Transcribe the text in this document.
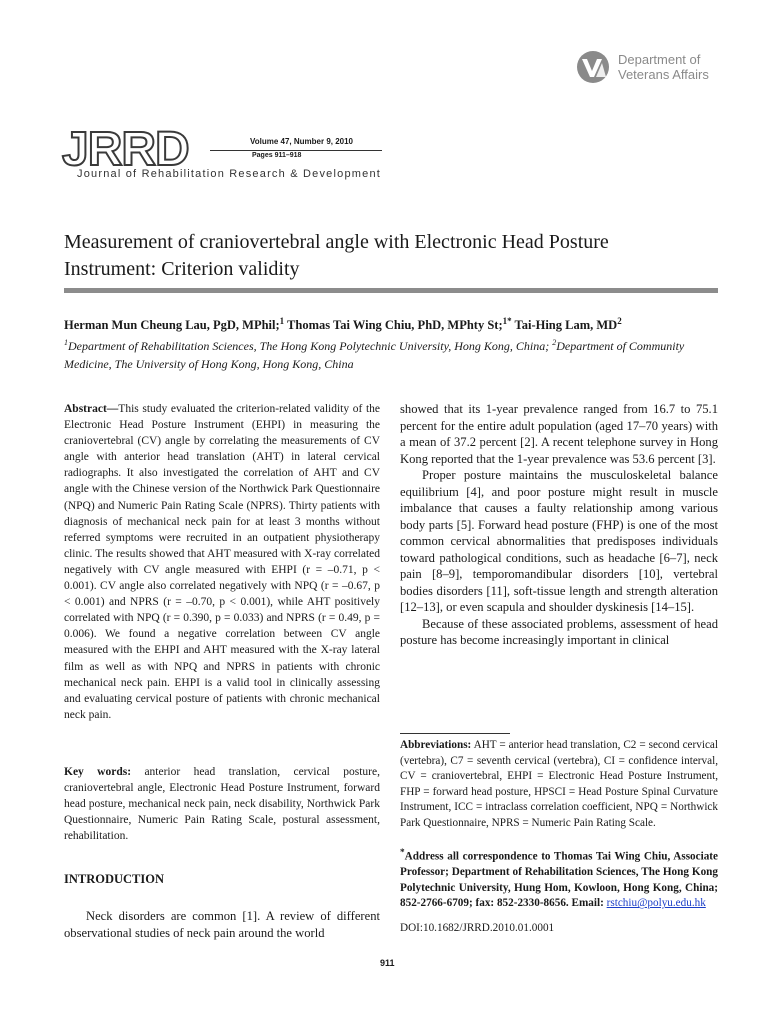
Department of
Veterans Affairs
JRRD	Volume 47, Number 9, 2010
Pages 911–918
Journal of Rehabilitation Research & Development
Measurement of craniovertebral angle with Electronic Head Posture Instrument: Criterion validity
Herman Mun Cheung Lau, PgD, MPhil;$^1$ Thomas Tai Wing Chiu, PhD, MPhty St;$^{1*}$ Tai-Hing Lam, $MD^2$
$^1$Department of Rehabilitation Sciences, The Hong Kong Polytechnic University, Hong Kong, China; $^2$Department of Community Medicine, The University of Hong Kong, Hong Kong, China
Abstract—This study evaluated the criterion-related validity of the Electronic Head Posture Instrument (EHPI) in measuring the craniovertebral (CV) angle by correlating the measurements of CV angle with anterior head translation (AHT) in lateral cervical radiographs. It also investigated the correlation of AHT and CV angle with the Chinese version of the Northwick Park Questionnaire (NPQ) and Numeric Pain Rating Scale (NPRS). Thirty patients with diagnosis of mechanical neck pain for at least 3 months without referred symptoms were recruited in an outpatient physiotherapy clinic. The results showed that AHT measured with X-ray correlated negatively with CV angle measured with EHPI (r = –0.71, p < 0.001). CV angle also correlated negatively with NPQ (r = –0.67, p < 0.001) and NPRS (r = –0.70, p < 0.001), while AHT positively correlated with NPQ (r = 0.390, p = 0.033) and NPRS (r = 0.49, p = 0.006). We found a negative correlation between CV angle measured with the EHPI and AHT measured with the X-ray lateral film as well as with NPQ and NPRS in patients with chronic mechanical neck pain. EHPI is a valid tool in clinically assessing and evaluating cervical posture of patients with chronic mechanical neck pain.
Key words: anterior head translation, cervical posture, craniovertebral angle, Electronic Head Posture Instrument, forward head posture, mechanical neck pain, neck disability, Northwick Park Questionnaire, Numeric Pain Rating Scale, postural assessment, rehabilitation.
INTRODUCTION
Neck disorders are common [1]. A review of different observational studies of neck pain around the world
showed that its 1-year prevalence ranged from 16.7 to 75.1 percent for the entire adult population (aged 17–70 years) with a mean of 37.2 percent [2]. A recent telephone survey in Hong Kong reported that the 1-year prevalence was 53.6 percent [3].
Proper posture maintains the musculoskeletal balance equilibrium [4], and poor posture might result in muscle imbalance that causes a faulty relationship among various body parts [5]. Forward head posture (FHP) is one of the most common cervical abnormalities that predisposes individuals toward pathological conditions, such as headache [6–7], neck pain [8–9], temporomandibular disorders [10], vertebral bodies disorders [11], soft-tissue length and strength alteration [12–13], or even scapula and shoulder dyskinesis [14–15].
Because of these associated problems, assessment of head posture has become increasingly important in clinical
Abbreviations: AHT = anterior head translation, C2 = second cervical (vertebra), C7 = seventh cervical (vertebra), CI = confidence interval, CV = craniovertebral, EHPI = Electronic Head Posture Instrument, FHP = forward head posture, HPSCI = Head Posture Spinal Curvature Instrument, ICC = intraclass correlation coefficient, NPQ = Northwick Park Questionnaire, NPRS = Numeric Pain Rating Scale.
*Address all correspondence to Thomas Tai Wing Chiu, Associate Professor; Department of Rehabilitation Sciences, The Hong Kong Polytechnic University, Hung Hom, Kowloon, Hong Kong, China; 852-2766-6709; fax: 852-2330-8656. Email: rstchiu@polyu.edu.hk
DOI:10.1682/JRRD.2010.01.0001
911
